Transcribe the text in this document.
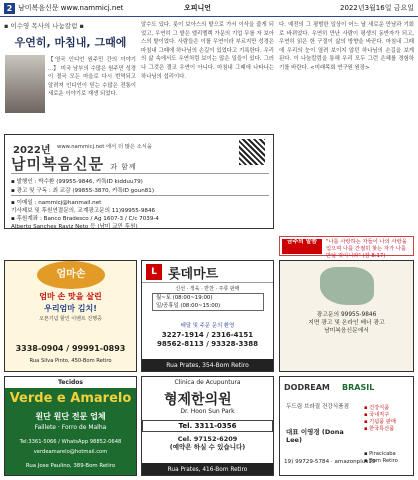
2 남미복음신문 www.nammicj.net	오피니언	2022년3월16일 금요일
▪ 이수영 목사의 나눔칼럼 ▪
우연히, 마침내, 그때에
【영국 인디언 원주민 간의 이야기 ...】 미국 남부의 수많은 원주민 성경이 결국 모든 마을로 다시 번역되고 알려져 인디언이 믿는 수많은 전통이 새로운 이야기로 재생 되었다.
2022년 www.nammicj.net 에서 더 많은 소식을
남미복음신문 과 함께
▪ 발행인 : 박수환 (99955-9846, 카톡ID kidduu79)
▪ 광고 및 구독 : 최 교감 (99855-3870, 카톡ID goun81)
▪ 이메일 : nammicj@hanmail.net
기사제보 및 후원연결문의, 교계광고문의 11)99955-9846
▪ 후원계좌 : Banco Bradesco / Ag 1607-3 / C/c 7039-4
Alberto Sanches Raviz Neto 등 (남미 교민 후원)
알수도 있다. 룻이 보아스의 밭으로 가서 이삭을 줍게 되었고, 우연히 그 밭은 엘리멜렉 가문의 기업 무를 자 보아스의 밭이었다. 사람들은 이를 우연이라 부르지만 성경은 마침내 그때에 하나님의 손길이 있었다고 기록한다. 우리의 삶 속에서도 우연처럼 보이는 많은 일들이 있다. 그러나 그것은 결코 우연이 아니다. 마침내 그때에 나타나는 하나님의 섭리이다.
다. 예전의 그 평범한 일상이 어느 날 새로운 만남과 기회로 바뀌었다. 우연히 만난 사람이 평생의 동반자가 되고, 우연히 읽은 한 구절이 삶의 방향을 바꾼다. 마침내 그때에 우리의 눈이 열려 보이지 않던 하나님의 손길을 보게 된다. 이 나눔칼럼을 통해 우리 모두 그런 은혜를 경험하기를 바란다. <미래목회 연구원 원장>
금주의 말씀	"나를 사랑하는 자들이 나의 사랑을 입으며 나를 간절히 찾는 자가 나를 만날 것이니라" (잠 8:17)
엄마손
엄마 손 맛을 살린
우리엄마 김치!
오픈기념 할인 이벤트 진행중
3338-0904 / 99991-0893
Rua Silva Pinto, 450-Bom Retiro
L 롯데마트
신선 · 정육 · 반찬 · 주류 판매
월~토 (08:00~19:00)
일/공휴일 (08:00~15:00)
배달 및 주문 문의 환영
3227-1914 / 2316-4151
98562-8113 / 93328-3388
Rua Prates, 354-Bom Retiro
광고문의 99955-9846
지면 광고 및 온라인 배너 광고
남미복음신문에서
Tecidos
Verde e Amarelo
원단 원단 전문 업체
Faillete · Forro de Malha
Tel:3361-5066 / WhatsApp 98852-0648
verdeamarelo@hotmail.com
Rua Jose Paulino, 389-Bom Retiro
Clinica de Acupuntura
형제한의원
Dr. Hoon Sun Park
Tel. 3311-0356
Cel. 97152-6209
(예약은 하실 수 있습니다)
Rua Prates, 416-Bom Retiro
DODREAM BRASIL
두드림 브라질 건강식품점
대표 이영경 (Dona Lee)
▪ 건강식품
▪ 국내직구
▪ 기념품 판매
▪ 한국특산품
▪ Piracicaba
▪ Bom Retiro
19) 99729-5784 · amazonplus19
